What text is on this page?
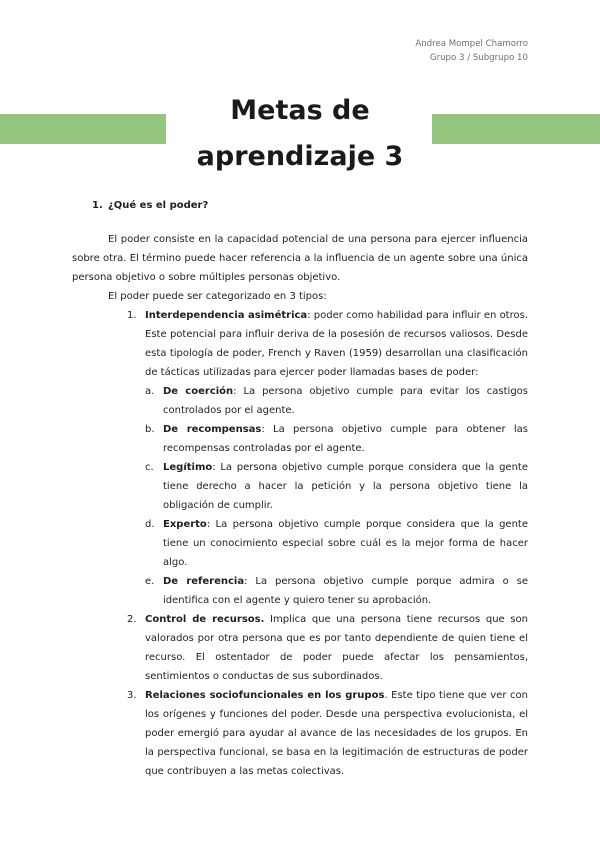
Andrea Mompel Chamorro
Grupo 3 / Subgrupo 10
Metas de
aprendizaje 3
1. ¿Qué es el poder?

El poder consiste en la capacidad potencial de una persona para ejercer influencia sobre otra. El término puede hacer referencia a la influencia de un agente sobre una única persona objetivo o sobre múltiples personas objetivo.

El poder puede ser categorizado en 3 tipos:

1. Interdependencia asimétrica: poder como habilidad para influir en otros. Este potencial para influir deriva de la posesión de recursos valiosos. Desde esta tipología de poder, French y Raven (1959) desarrollan una clasificación de tácticas utilizadas para ejercer poder llamadas bases de poder:

a. De coerción: La persona objetivo cumple para evitar los castigos controlados por el agente.

b. De recompensas: La persona objetivo cumple para obtener las recompensas controladas por el agente.

c. Legítimo: La persona objetivo cumple porque considera que la gente tiene derecho a hacer la petición y la persona objetivo tiene la obligación de cumplir.

d. Experto: La persona objetivo cumple porque considera que la gente tiene un conocimiento especial sobre cuál es la mejor forma de hacer algo.

e. De referencia: La persona objetivo cumple porque admira o se identifica con el agente y quiero tener su aprobación.

2. Control de recursos. Implica que una persona tiene recursos que son valorados por otra persona que es por tanto dependiente de quien tiene el recurso. El ostentador de poder puede afectar los pensamientos, sentimientos o conductas de sus subordinados.

3. Relaciones sociofuncionales en los grupos. Este tipo tiene que ver con los orígenes y funciones del poder. Desde una perspectiva evolucionista, el poder emergió para ayudar al avance de las necesidades de los grupos. En la perspectiva funcional, se basa en la legitimación de estructuras de poder que contribuyen a las metas colectivas.
